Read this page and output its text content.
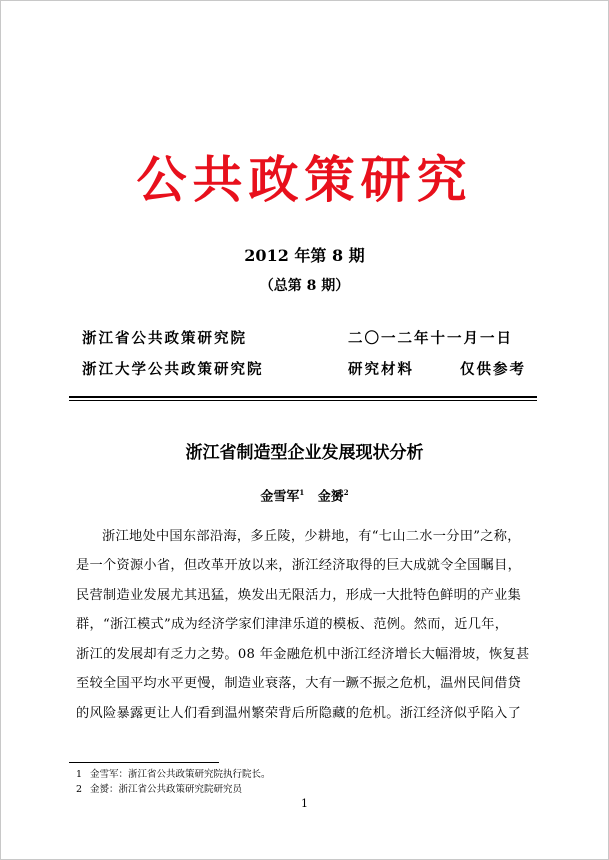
公共政策研究
2012 年第 8 期
（总第 8 期）
浙江省公共政策研究院	二〇一二年十一月一日
浙江大学公共政策研究院	研究材料	仅供参考
浙江省制造型企业发展现状分析
金雪军$^1$ 金赟$^2$
浙江地处中国东部沿海，多丘陵，少耕地，有“七山二水一分田”之称，
是一个资源小省，但改革开放以来，浙江经济取得的巨大成就令全国瞩目，
民营制造业发展尤其迅猛，焕发出无限活力，形成一大批特色鲜明的产业集
群，“浙江模式”成为经济学家们津津乐道的模板、范例。然而，近几年，
浙江的发展却有乏力之势。08 年金融危机中浙江经济增长大幅滑坡，恢复甚
至较全国平均水平更慢，制造业衰落，大有一蹶不振之危机，温州民间借贷
的风险暴露更让人们看到温州繁荣背后所隐藏的危机。浙江经济似乎陷入了
1 金雪军：浙江省公共政策研究院执行院长。
2 金赟：浙江省公共政策研究院研究员
1
